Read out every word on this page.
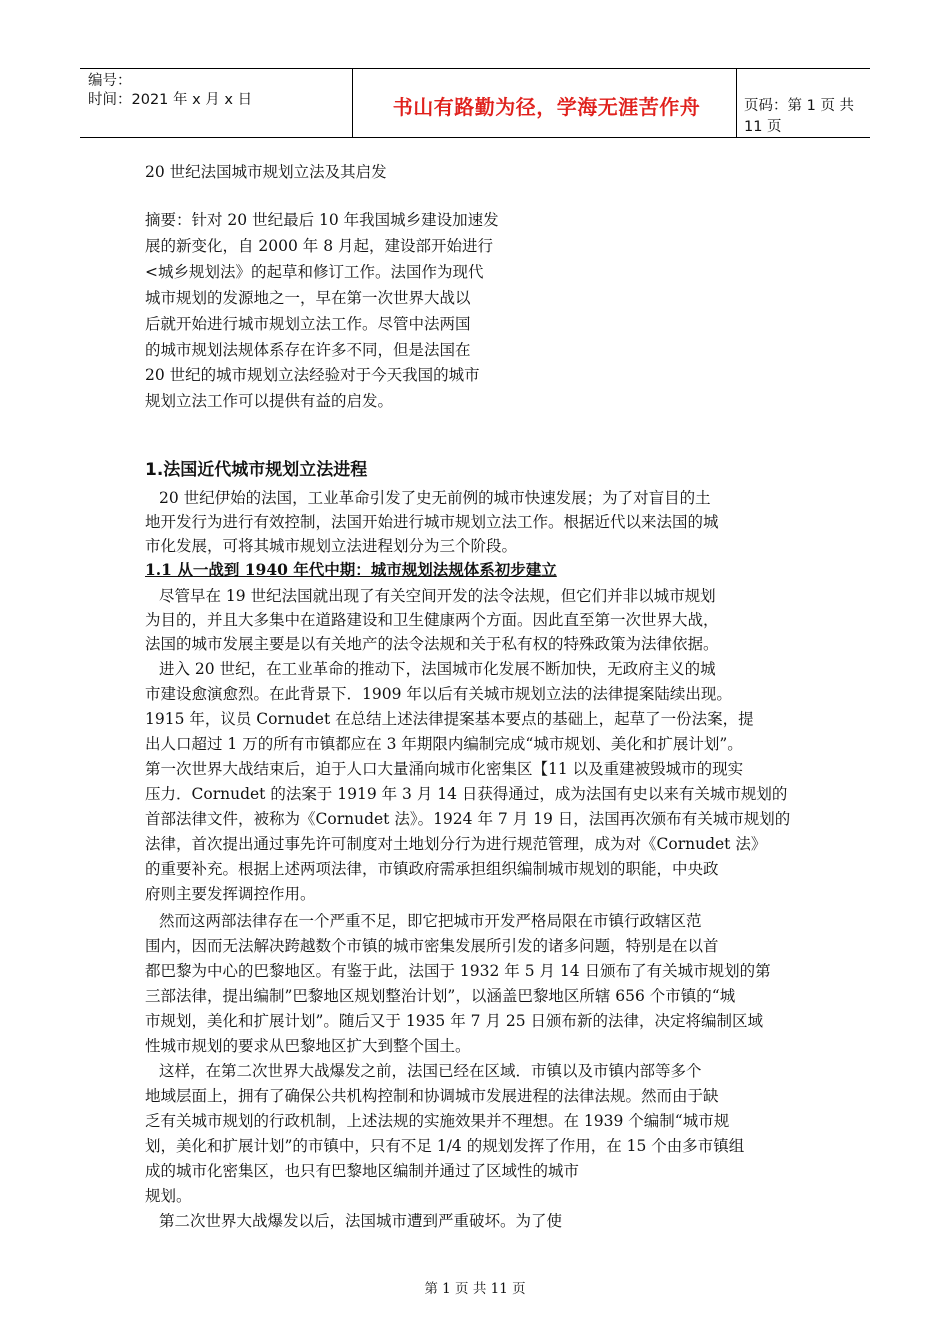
编号：
时间：2021 年 x 月 x 日	书山有路勤为径，学海无涯苦作舟	页码：第 1 页 共 11 页
20 世纪法国城市规划立法及其启发
摘要：针对 20 世纪最后 10 年我国城乡建设加速发
展的新变化，自 2000 年 8 月起，建设部开始进行
<城乡规划法》的起草和修订工作。法国作为现代
城市规划的发源地之一，早在第一次世界大战以
后就开始进行城市规划立法工作。尽管中法两国
的城市规划法规体系存在许多不同，但是法国在
20 世纪的城市规划立法经验对于今天我国的城市
规划立法工作可以提供有益的启发。
1.法国近代城市规划立法进程
20 世纪伊始的法国，工业革命引发了史无前例的城市快速发展；为了对盲目的土
地开发行为进行有效控制，法国开始进行城市规划立法工作。根据近代以来法国的城
市化发展，可将其城市规划立法进程划分为三个阶段。
1.1 从一战到 1940 年代中期：城市规划法规体系初步建立
尽管早在 19 世纪法国就出现了有关空间开发的法令法规，但它们并非以城市规划
为目的，并且大多集中在道路建设和卫生健康两个方面。因此直至第一次世界大战，
法国的城市发展主要是以有关地产的法令法规和关于私有权的特殊政策为法律依据。
进入 20 世纪，在工业革命的推动下，法国城市化发展不断加快，无政府主义的城
市建设愈演愈烈。在此背景下．1909 年以后有关城市规划立法的法律提案陆续出现。
1915 年，议员 Cornudet 在总结上述法律提案基本要点的基础上，起草了一份法案，提
出人口超过 1 万的所有市镇都应在 3 年期限内编制完成“城市规划、美化和扩展计划”。
第一次世界大战结束后，迫于人口大量涌向城市化密集区【11 以及重建被毁城市的现实
压力．Cornudet 的法案于 1919 年 3 月 14 日获得通过，成为法国有史以来有关城市规划的
首部法律文件，被称为《Cornudet 法》。1924 年 7 月 19 日，法国再次颁布有关城市规划的
法律，首次提出通过事先许可制度对土地划分行为进行规范管理，成为对《Cornudet 法》
的重要补充。根据上述两项法律，市镇政府需承担组织编制城市规划的职能，中央政
府则主要发挥调控作用。
然而这两部法律存在一个严重不足，即它把城市开发严格局限在市镇行政辖区范
围内，因而无法解决跨越数个市镇的城市密集发展所引发的诸多问题，特别是在以首
都巴黎为中心的巴黎地区。有鉴于此，法国于 1932 年 5 月 14 日颁布了有关城市规划的第
三部法律，提出编制”巴黎地区规划整治计划”，以涵盖巴黎地区所辖 656 个市镇的“城
市规划，美化和扩展计划”。随后又于 1935 年 7 月 25 日颁布新的法律，决定将编制区域
性城市规划的要求从巴黎地区扩大到整个国土。
这样，在第二次世界大战爆发之前，法国已经在区域．市镇以及市镇内部等多个
地域层面上，拥有了确保公共机构控制和协调城市发展进程的法律法规。然而由于缺
乏有关城市规划的行政机制，上述法规的实施效果并不理想。在 1939 个编制“城市规
划，美化和扩展计划”的市镇中，只有不足 1/4 的规划发挥了作用，在 15 个由多市镇组
成的城市化密集区，也只有巴黎地区编制并通过了区域性的城市
规划。
第二次世界大战爆发以后，法国城市遭到严重破坏。为了使
第 1 页 共 11 页
